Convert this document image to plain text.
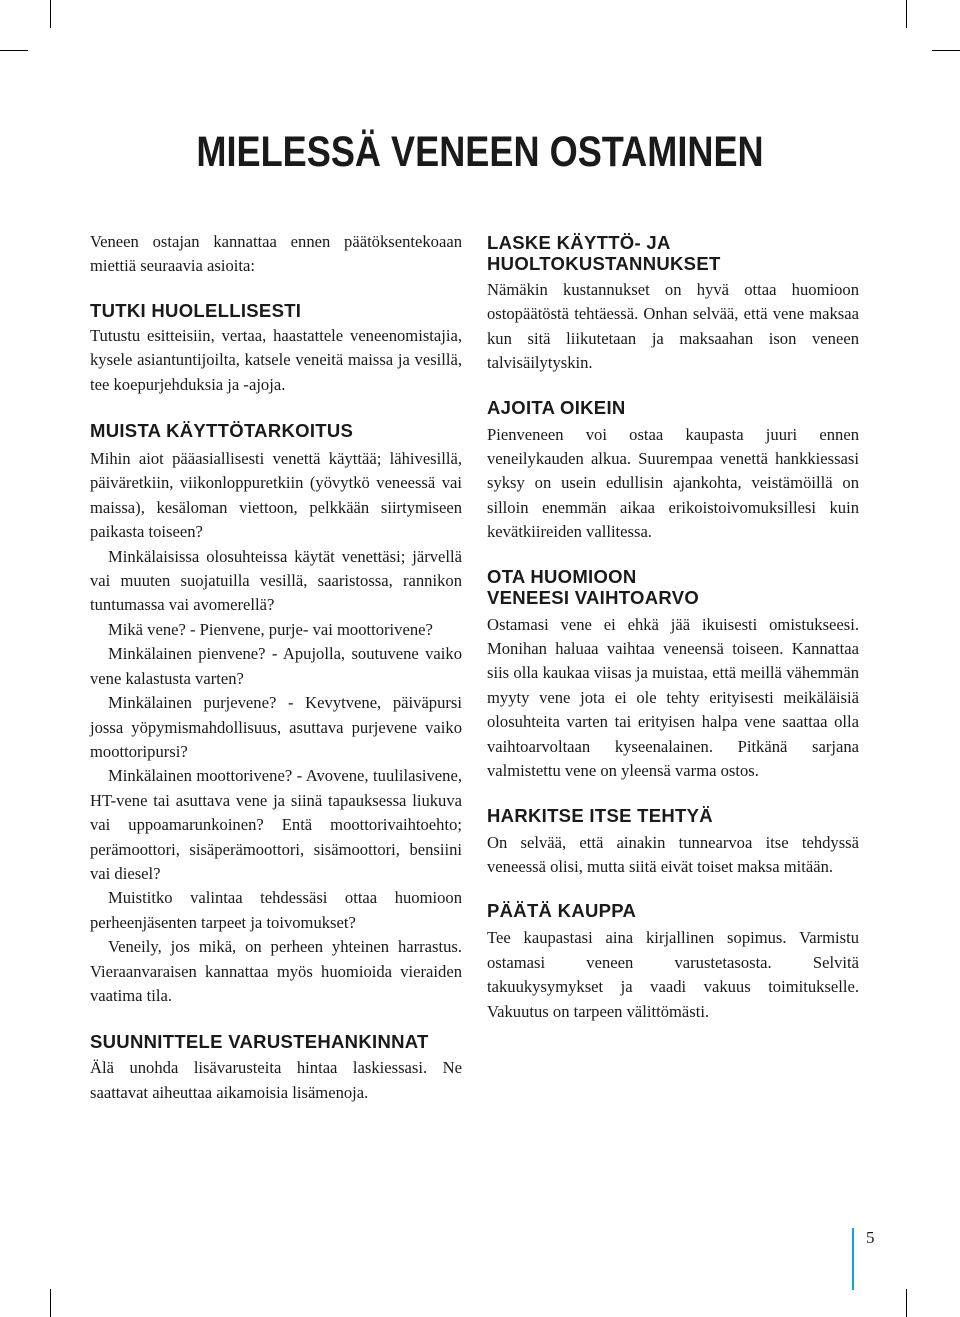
MIELESSÄ VENEEN OSTAMINEN

Veneen ostajan kannattaa ennen päätöksentekoaan miettiä seuraavia asioita:

TUTKI HUOLELLISESTI

Tutustu esitteisiin, vertaa, haastattele veneenomistajia, kysele asiantuntijoilta, katsele veneitä maissa ja vesillä, tee koepurjehduksia ja -ajoja.

MUISTA KÄYTTÖTARKOITUS

Mihin aiot pääasiallisesti venettä käyttää; lähivesillä, päiväretkiin, viikonloppuretkiin (yövytkö veneessä vai maissa), kesäloman viettoon, pelkkään siirtymiseen paikasta toiseen?

Minkälaisissa olosuhteissa käytät venettäsi; järvellä vai muuten suojatuilla vesillä, saaristossa, rannikon tuntumassa vai avomerellä?

Mikä vene? - Pienvene, purje- vai moottorivene?

Minkälainen pienvene? - Apujolla, soutuvene vaiko vene kalastusta varten?

Minkälainen purjevene? - Kevytvene, päiväpursi jossa yöpymismahdollisuus, asuttava purjevene vaiko moottoripursi?

Minkälainen moottorivene? - Avovene, tuulilasivene, HT-vene tai asuttava vene ja siinä tapauksessa liukuva vai uppoamarunkoinen? Entä moottorivaihtoehto; perämoottori, sisäperämoottori, sisämoottori, bensiini vai diesel?

Muistitko valintaa tehdessäsi ottaa huomioon perheenjäsenten tarpeet ja toivomukset?

Veneily, jos mikä, on perheen yhteinen harrastus. Vieraanvaraisen kannattaa myös huomioida vieraiden vaatima tila.

SUUNNITTELE VARUSTEHANKINNAT

Älä unohda lisävarusteita hintaa laskiessasi. Ne saattavat aiheuttaa aikamoisia lisämenoja.

LASKE KÄYTTÖ- JA
HUOLTOKUSTANNUKSET

Nämäkin kustannukset on hyvä ottaa huomioon ostopäätöstä tehtäessä. Onhan selvää, että vene maksaa kun sitä liikutetaan ja maksaahan ison veneen talvisäilytyskin.

AJOITA OIKEIN

Pienveneen voi ostaa kaupasta juuri ennen veneilykauden alkua. Suurempaa venettä hankkiessasi syksy on usein edullisin ajankohta, veistämöillä on silloin enemmän aikaa erikoistoivomuksillesi kuin kevätkiireiden vallitessa.

OTA HUOMIOON
VENEESI VAIHTOARVO

Ostamasi vene ei ehkä jää ikuisesti omistukseesi. Monihan haluaa vaihtaa veneensä toiseen. Kannattaa siis olla kaukaa viisas ja muistaa, että meillä vähemmän myyty vene jota ei ole tehty erityisesti meikäläisiä olosuhteita varten tai erityisen halpa vene saattaa olla vaihtoarvoltaan kyseenalainen. Pitkänä sarjana valmistettu vene on yleensä varma ostos.

HARKITSE ITSE TEHTYÄ

On selvää, että ainakin tunnearvoa itse tehdyssä veneessä olisi, mutta siitä eivät toiset maksa mitään.

PÄÄTÄ KAUPPA

Tee kaupastasi aina kirjallinen sopimus. Varmistu ostamasi veneen varustetasosta. Selvitä takuukysymykset ja vaadi vakuus toimitukselle. Vakuutus on tarpeen välittömästi.

5
